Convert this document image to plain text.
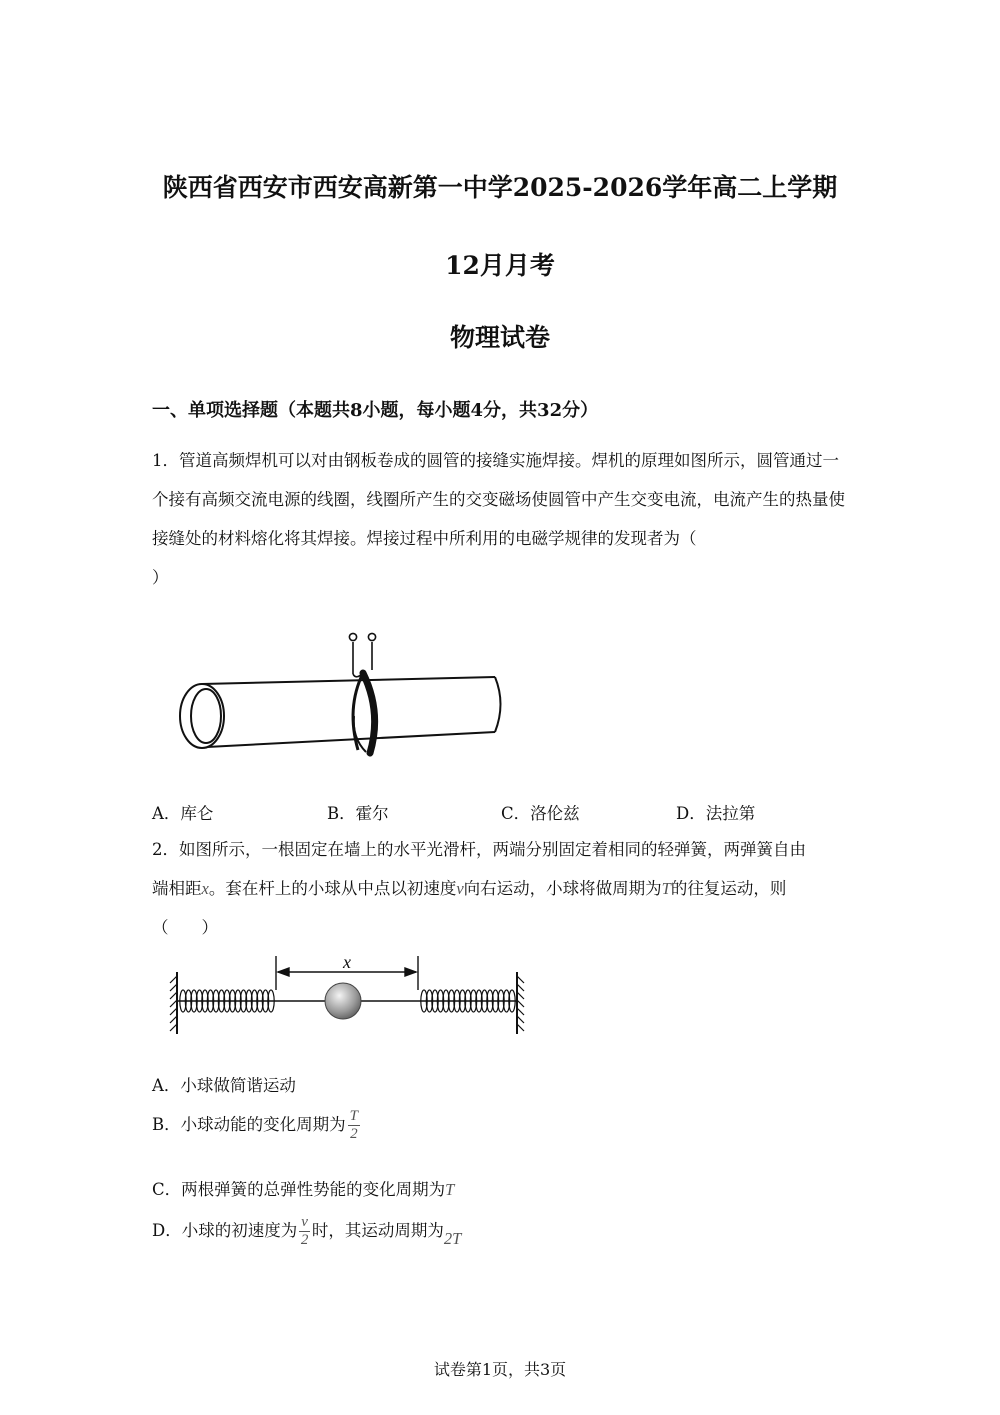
陕西省西安市西安高新第一中学2025-2026学年高二上学期
12月月考
物理试卷
一、单项选择题（本题共8小题，每小题4分，共32分）
1．管道高频焊机可以对由钢板卷成的圆管的接缝实施焊接。焊机的原理如图所示，圆管通过一个接有高频交流电源的线圈，线圈所产生的交变磁场使圆管中产生交变电流，电流产生的热量使接缝处的材料熔化将其焊接。焊接过程中所利用的电磁学规律的发现者为（
）
A．库仑	B．霍尔	C．洛伦兹	D．法拉第
2．如图所示，一根固定在墙上的水平光滑杆，两端分别固定着相同的轻弹簧，两弹簧自由
端相距x。套在杆上的小球从中点以初速度v向右运动，小球将做周期为T的往复运动，则
（　　）
x
A．小球做简谐运动
B．小球动能的变化周期为 $\frac{T}{2}$
C．两根弹簧的总弹性势能的变化周期为T
D．小球的初速度为 $\frac{v}{2}$ 时，其运动周期为2T
试卷第1页，共3页
